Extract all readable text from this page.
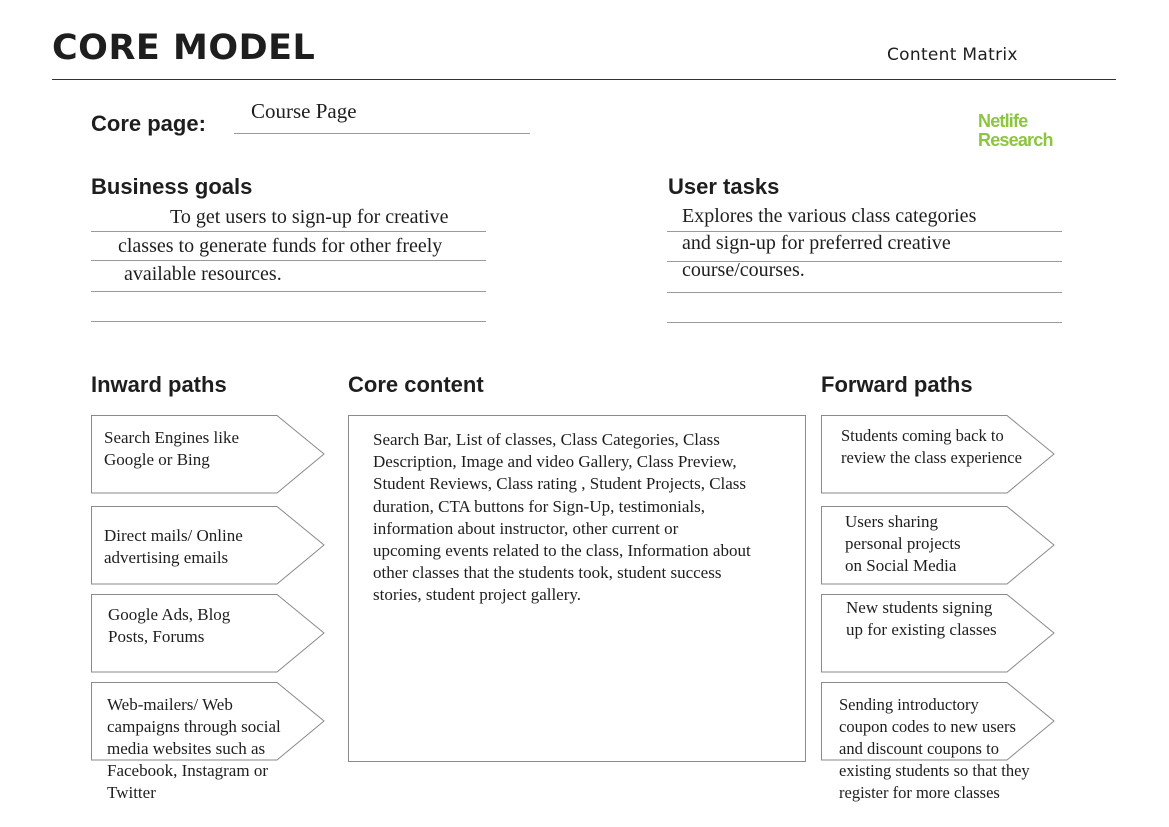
CORE MODEL	Content Matrix
Netlife
Research
Core page: Course Page
Business goals
To get users to sign-up for creative
classes to generate funds for other freely
available resources.
User tasks
Explores the various class categories
and sign-up for preferred creative
course/courses.
Inward paths	Core content	Forward paths
Search Engines like
Google or Bing
Direct mails/ Online
advertising emails
Google Ads, Blog
Posts, Forums
Web-mailers/ Web
campaigns through social
media websites such as
Facebook, Instagram or
Twitter
Search Bar, List of classes, Class Categories, Class
Description, Image and video Gallery, Class Preview,
Student Reviews, Class rating , Student Projects, Class
duration, CTA buttons for Sign-Up, testimonials,
information about instructor, other current or
upcoming events related to the class, Information about
other classes that the students took, student success
stories, student project gallery.
Students coming back to
review the class experience
Users sharing
personal projects
on Social Media
New students signing
up for existing classes
Sending introductory
coupon codes to new users
and discount coupons to
existing students so that they
register for more classes
